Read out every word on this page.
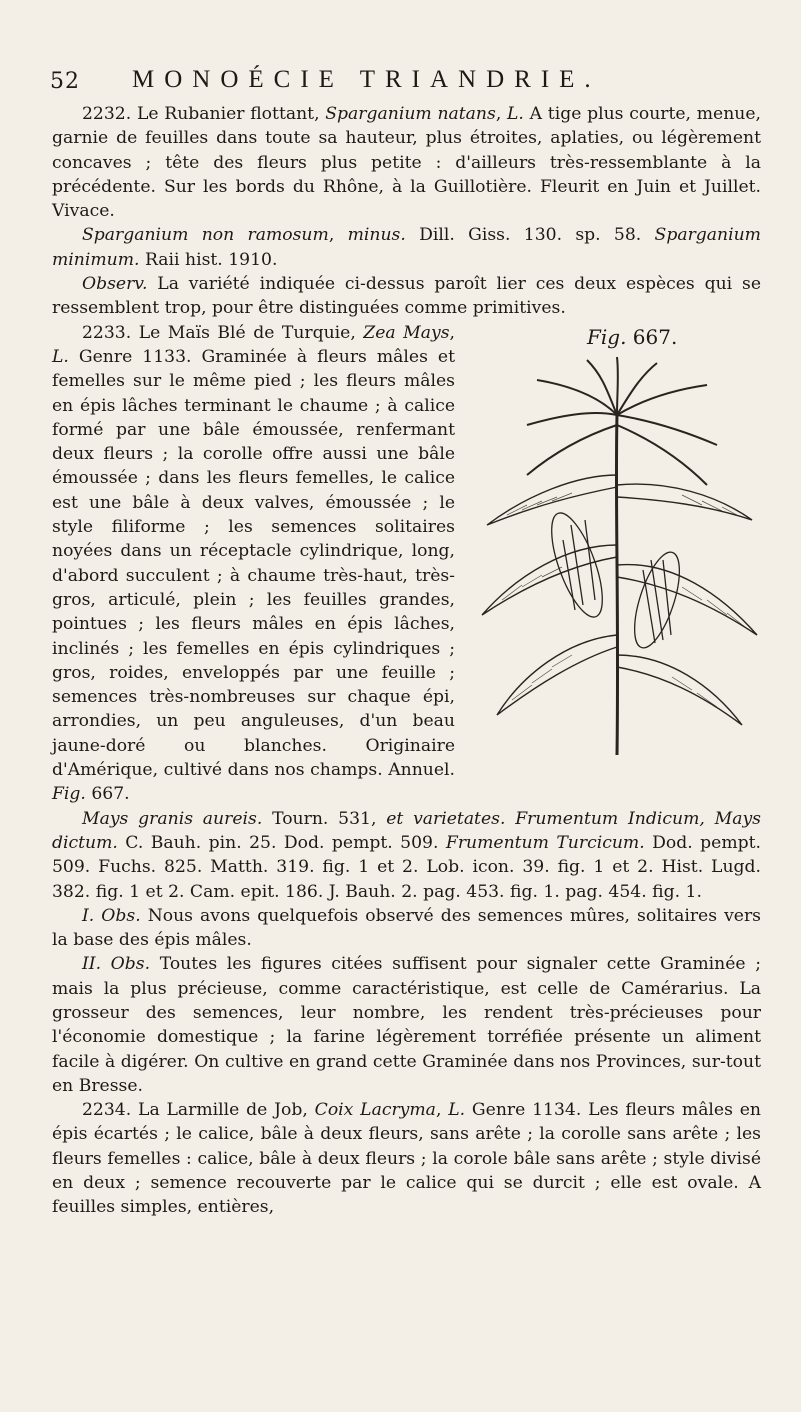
52 MONOÉCIE TRIANDRIE.

2232. Le Rubanier flottant, Sparganium natans, L. A tige plus courte, menue, garnie de feuilles dans toute sa hauteur, plus étroites, aplaties, ou légèrement concaves ; tête des fleurs plus petite : d'ailleurs très-ressemblante à la précédente. Sur les bords du Rhône, à la Guillotière. Fleurit en Juin et Juillet. Vivace.

Sparganium non ramosum, minus. Dill. Giss. 130. sp. 58. Sparganium minimum. Raii hist. 1910.

Observ. La variété indiquée ci-dessus paroît lier ces deux espèces qui se ressemblent trop, pour être distinguées comme primitives.

Fig. 667.

2233. Le Maïs Blé de Turquie, Zea Mays, L. Genre 1133. Graminée à fleurs mâles et femelles sur le même pied ; les fleurs mâles en épis lâches terminant le chaume ; à calice formé par une bâle émoussée, renfermant deux fleurs ; la corolle offre aussi une bâle émoussée ; dans les fleurs femelles, le calice est une bâle à deux valves, émoussée ; le style filiforme ; les semences solitaires noyées dans un réceptacle cylindrique, long, d'abord succulent ; à chaume très-haut, très-gros, articulé, plein ; les feuilles grandes, pointues ; les fleurs mâles en épis lâches, inclinés ; les femelles en épis cylindriques ; gros, roides, enveloppés par une feuille ; semences très-nombreuses sur chaque épi, arrondies, un peu anguleuses, d'un beau jaune-doré ou blanches. Originaire d'Amérique, cultivé dans nos champs. Annuel. Fig. 667.

Mays granis aureis. Tourn. 531, et varietates. Frumentum Indicum, Mays dictum. C. Bauh. pin. 25. Dod. pempt. 509. Frumentum Turcicum. Dod. pempt. 509. Fuchs. 825. Matth. 319. fig. 1 et 2. Lob. icon. 39. fig. 1 et 2. Hist. Lugd. 382. fig. 1 et 2. Cam. epit. 186. J. Bauh. 2. pag. 453. fig. 1. pag. 454. fig. 1.

I. Obs. Nous avons quelquefois observé des semences mûres, solitaires vers la base des épis mâles.

II. Obs. Toutes les figures citées suffisent pour signaler cette Graminée ; mais la plus précieuse, comme caractéristique, est celle de Camérarius. La grosseur des semences, leur nombre, les rendent très-précieuses pour l'économie domestique ; la farine légèrement torréfiée présente un aliment facile à digérer. On cultive en grand cette Graminée dans nos Provinces, sur-tout en Bresse.

2234. La Larmille de Job, Coix Lacryma, L. Genre 1134. Les fleurs mâles en épis écartés ; le calice, bâle à deux fleurs, sans arête ; la corolle sans arête ; les fleurs femelles : calice, bâle à deux fleurs ; la corole bâle sans arête ; style divisé en deux ; semence recouverte par le calice qui se durcit ; elle est ovale. A feuilles simples, entières,
